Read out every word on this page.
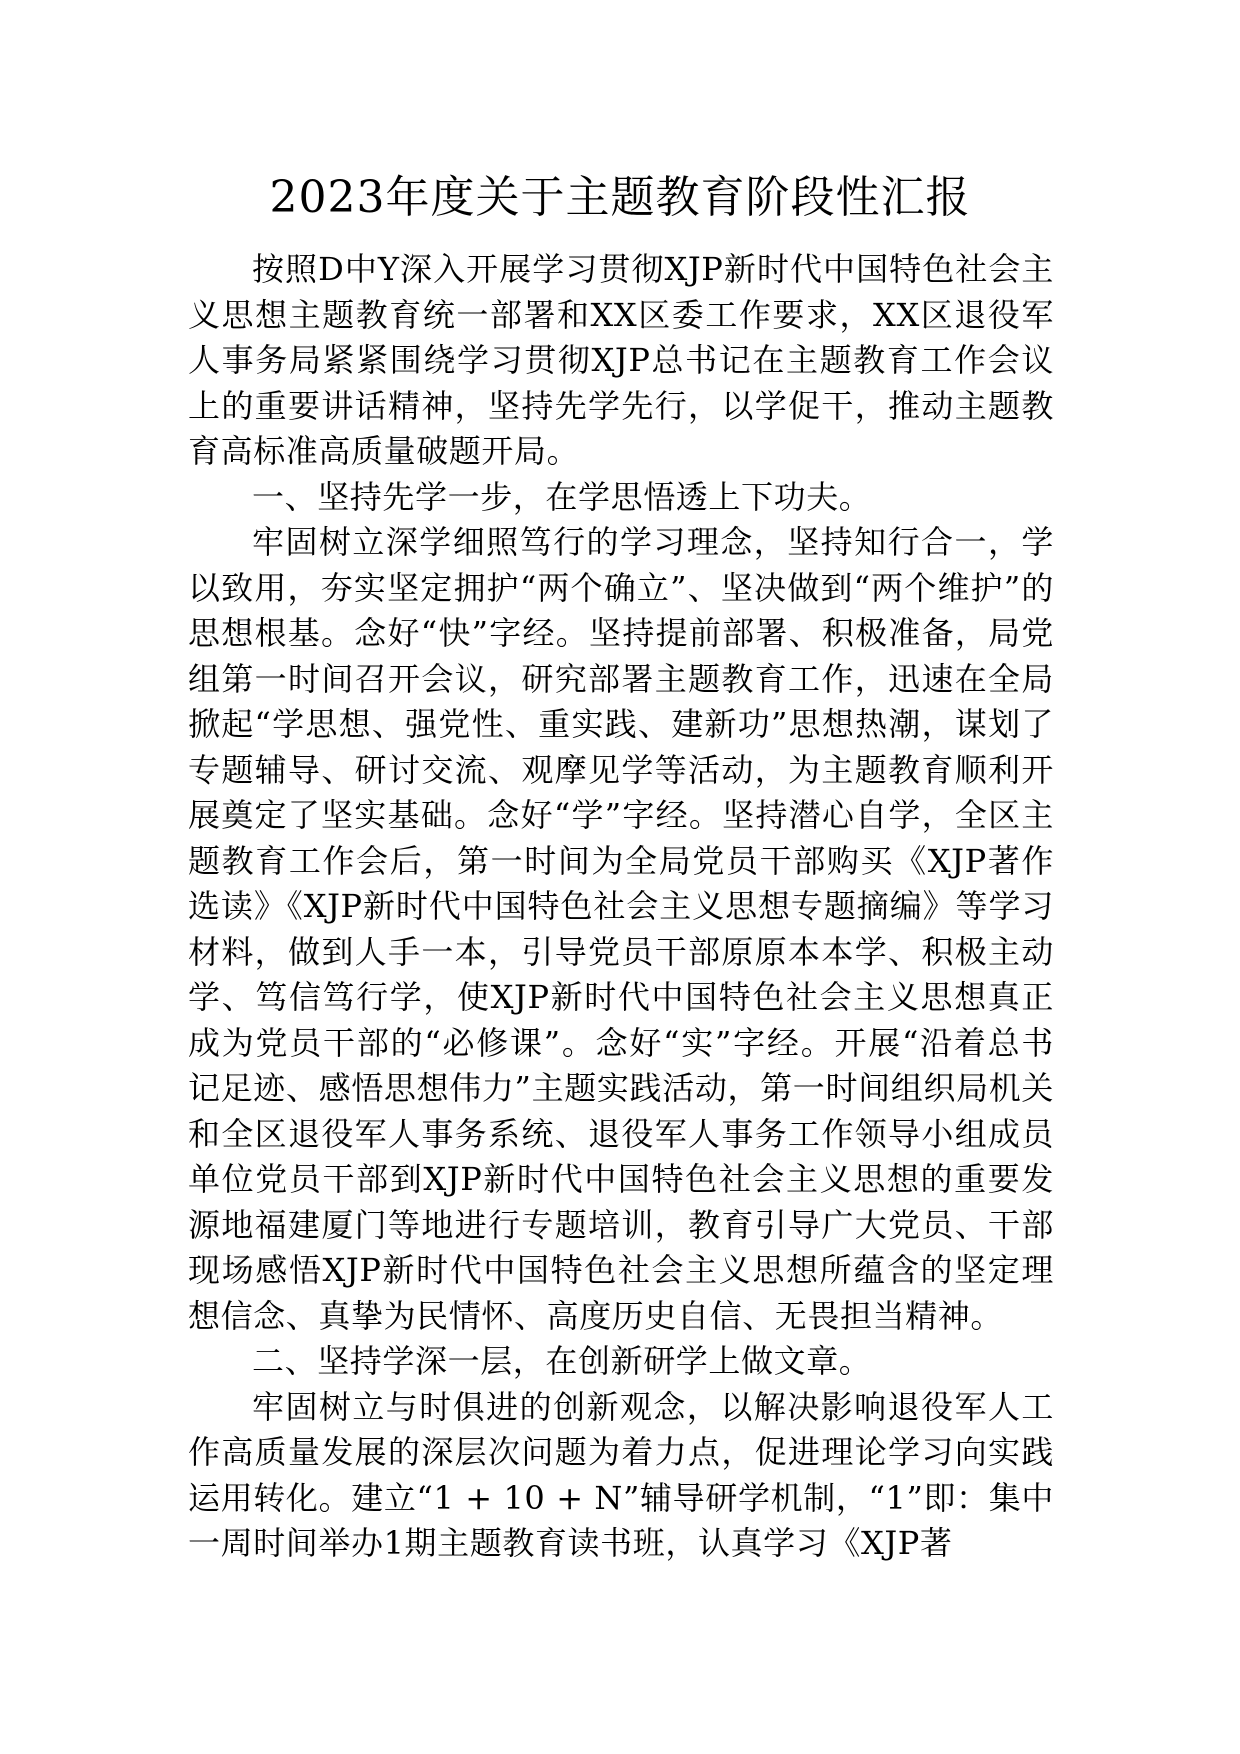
2023年度关于主题教育阶段性汇报

按照D中Y深入开展学习贯彻XJP新时代中国特色社会主义思想主题教育统一部署和XX区委工作要求，XX区退役军人事务局紧紧围绕学习贯彻XJP总书记在主题教育工作会议上的重要讲话精神，坚持先学先行，以学促干，推动主题教育高标准高质量破题开局。

一、坚持先学一步，在学思悟透上下功夫。

牢固树立深学细照笃行的学习理念，坚持知行合一，学以致用，夯实坚定拥护“两个确立”、坚决做到“两个维护”的思想根基。念好“快”字经。坚持提前部署、积极准备，局党组第一时间召开会议，研究部署主题教育工作，迅速在全局掀起“学思想、强党性、重实践、建新功”思想热潮，谋划了专题辅导、研讨交流、观摩见学等活动，为主题教育顺利开展奠定了坚实基础。念好“学”字经。坚持潜心自学，全区主题教育工作会后，第一时间为全局党员干部购买《XJP著作选读》《XJP新时代中国特色社会主义思想专题摘编》等学习材料，做到人手一本，引导党员干部原原本本学、积极主动学、笃信笃行学，使XJP新时代中国特色社会主义思想真正成为党员干部的“必修课”。念好“实”字经。开展“沿着总书记足迹、感悟思想伟力”主题实践活动，第一时间组织局机关和全区退役军人事务系统、退役军人事务工作领导小组成员单位党员干部到XJP新时代中国特色社会主义思想的重要发源地福建厦门等地进行专题培训，教育引导广大党员、干部现场感悟XJP新时代中国特色社会主义思想所蕴含的坚定理想信念、真挚为民情怀、高度历史自信、无畏担当精神。

二、坚持学深一层，在创新研学上做文章。

牢固树立与时俱进的创新观念，以解决影响退役军人工作高质量发展的深层次问题为着力点，促进理论学习向实践运用转化。建立“1 + 10 + N”辅导研学机制，“1”即：集中一周时间举办1期主题教育读书班，认真学习《XJP著
